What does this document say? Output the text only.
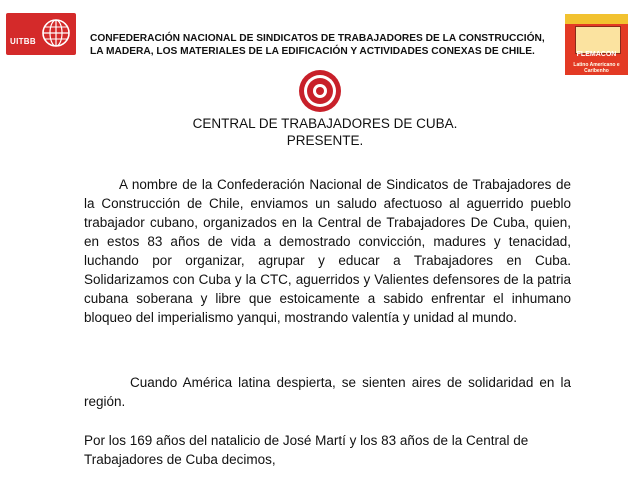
UITBB	CONFEDERACIÓN NACIONAL DE SINDICATOS DE TRABAJADORES DE LA CONSTRUCCIÓN, LA MADERA, LOS MATERIALES DE LA EDIFICACIÓN Y ACTIVIDADES CONEXAS DE CHILE.	FLEMACON
Latino Americano e Caribenho

CENTRAL DE TRABAJADORES DE CUBA.
PRESENTE.

A nombre de la Confederación Nacional de Sindicatos de Trabajadores de la Construcción de Chile, enviamos un saludo afectuoso al aguerrido pueblo trabajador cubano, organizados en la Central de Trabajadores De Cuba, quien, en estos 83 años de vida a demostrado convicción, madures y tenacidad, luchando por organizar, agrupar y educar a Trabajadores en Cuba. Solidarizamos con Cuba y la CTC, aguerridos y Valientes defensores de la patria cubana soberana y libre que estoicamente a sabido enfrentar el inhumano bloqueo del imperialismo yanqui, mostrando valentía y unidad al mundo.

Cuando América latina despierta, se sienten aires de solidaridad en la región.

Por los 169 años del natalicio de José Martí y los 83 años de la Central de Trabajadores de Cuba decimos,
